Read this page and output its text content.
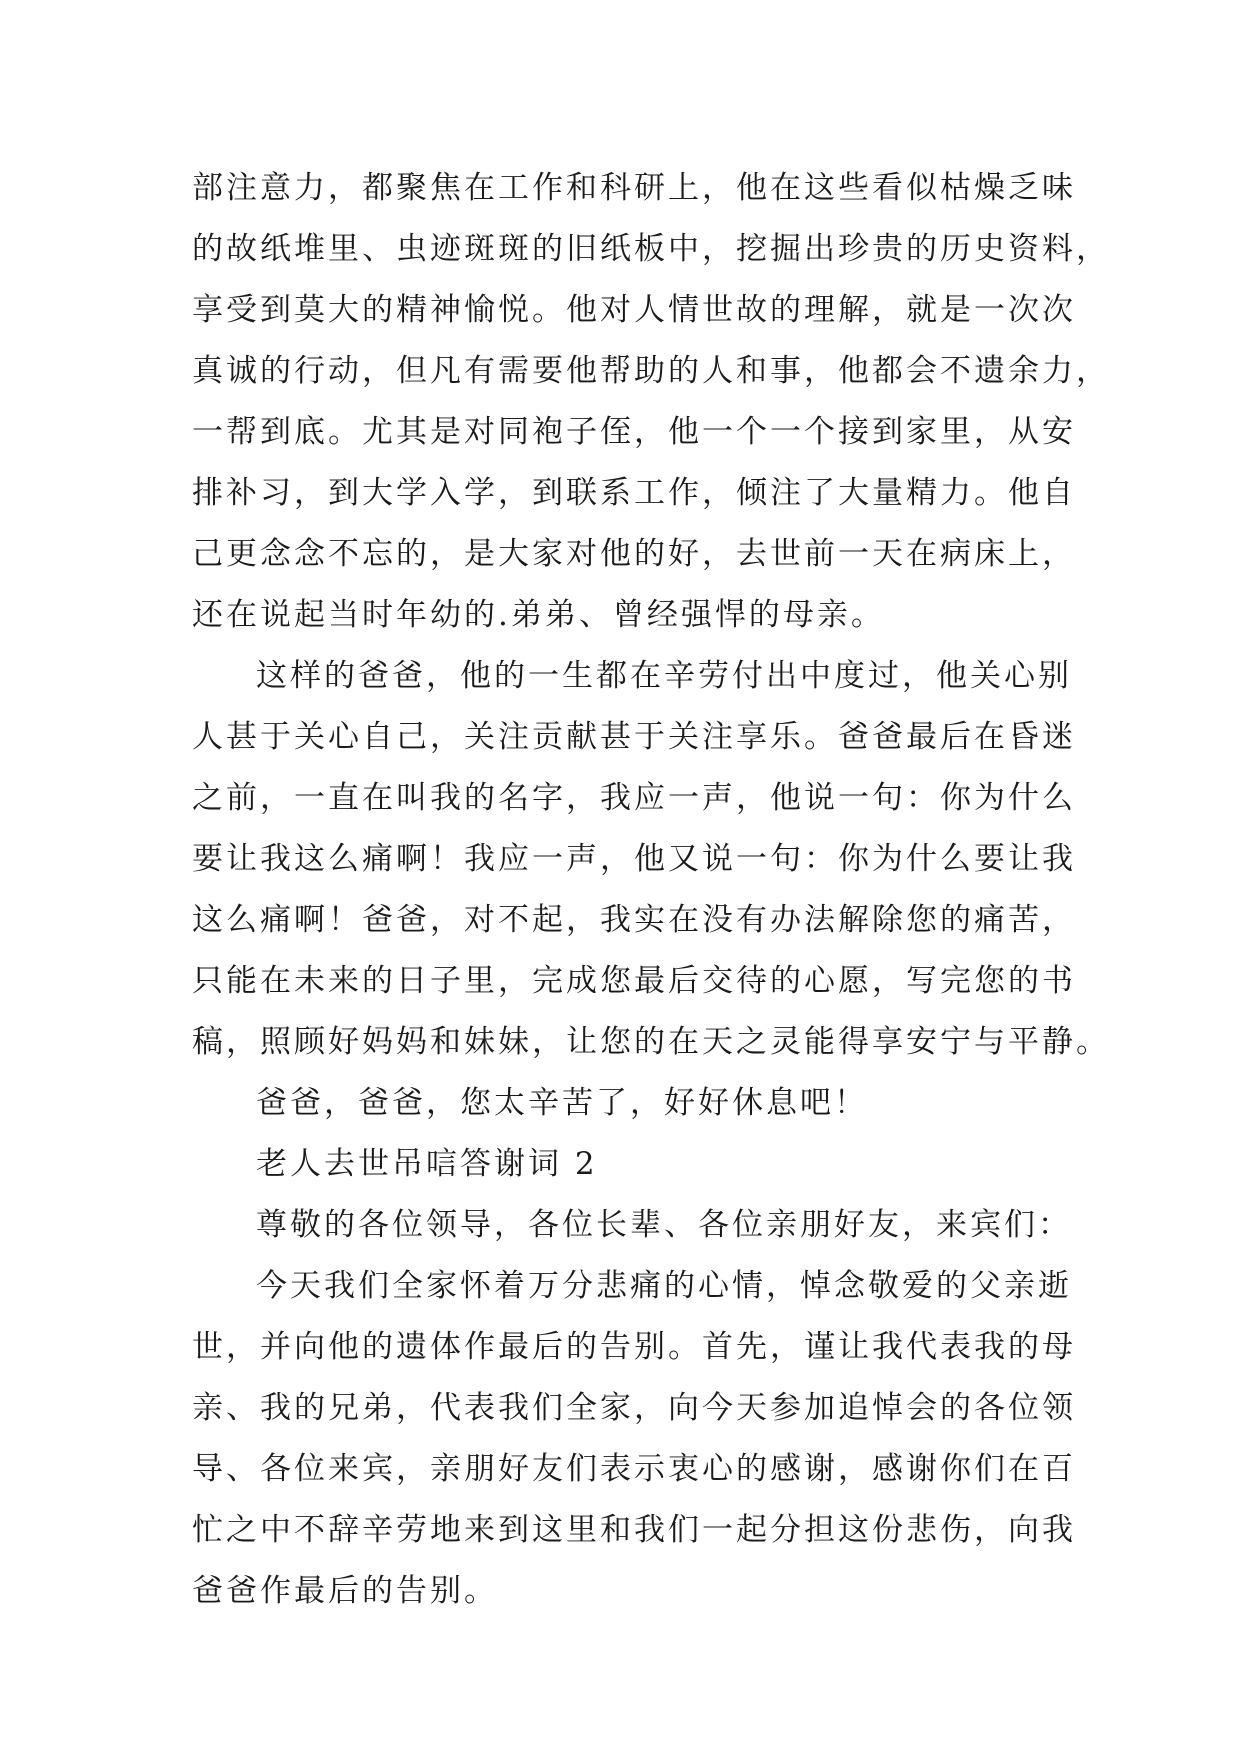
部注意力，都聚焦在工作和科研上，他在这些看似枯燥乏味
的故纸堆里、虫迹斑斑的旧纸板中，挖掘出珍贵的历史资料，
享受到莫大的精神愉悦。他对人情世故的理解，就是一次次
真诚的行动，但凡有需要他帮助的人和事，他都会不遗余力，
一帮到底。尤其是对同袍子侄，他一个一个接到家里，从安
排补习，到大学入学，到联系工作，倾注了大量精力。他自
己更念念不忘的，是大家对他的好，去世前一天在病床上，
还在说起当时年幼的.弟弟、曾经强悍的母亲。
这样的爸爸，他的一生都在辛劳付出中度过，他关心别
人甚于关心自己，关注贡献甚于关注享乐。爸爸最后在昏迷
之前，一直在叫我的名字，我应一声，他说一句：你为什么
要让我这么痛啊！我应一声，他又说一句：你为什么要让我
这么痛啊！爸爸，对不起，我实在没有办法解除您的痛苦，
只能在未来的日子里，完成您最后交待的心愿，写完您的书
稿，照顾好妈妈和妹妹，让您的在天之灵能得享安宁与平静。
爸爸，爸爸，您太辛苦了，好好休息吧！
老人去世吊唁答谢词 2
尊敬的各位领导，各位长辈、各位亲朋好友，来宾们：
今天我们全家怀着万分悲痛的心情，悼念敬爱的父亲逝
世，并向他的遗体作最后的告别。首先，谨让我代表我的母
亲、我的兄弟，代表我们全家，向今天参加追悼会的各位领
导、各位来宾，亲朋好友们表示衷心的感谢，感谢你们在百
忙之中不辞辛劳地来到这里和我们一起分担这份悲伤，向我
爸爸作最后的告别。
